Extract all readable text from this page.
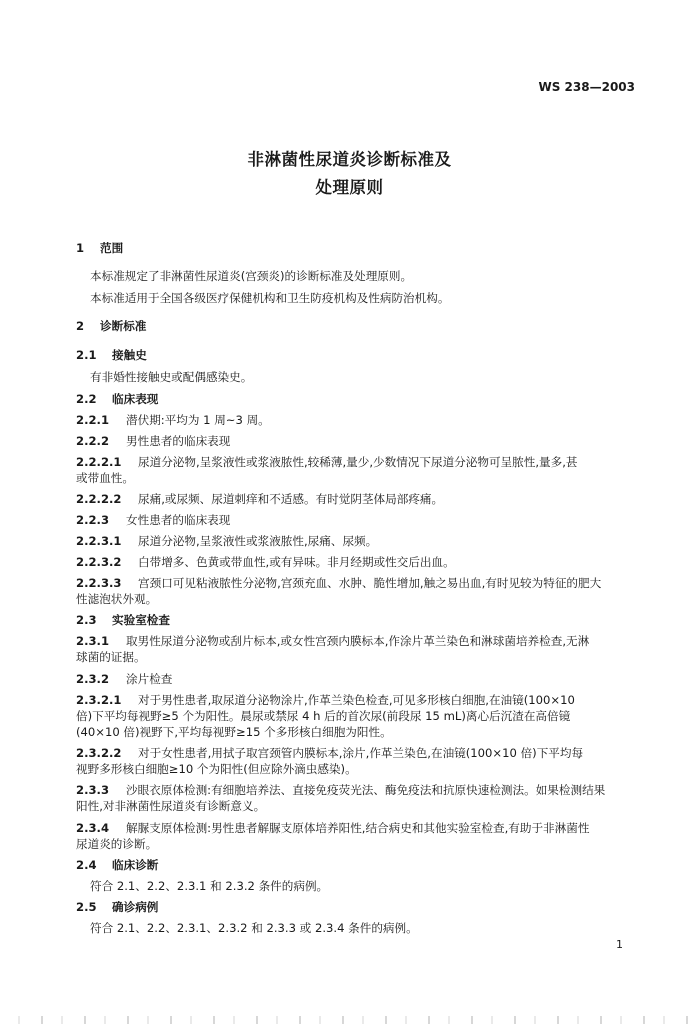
WS 238—2003
非淋菌性尿道炎诊断标准及
处理原则
1 范围
本标准规定了非淋菌性尿道炎(宫颈炎)的诊断标准及处理原则。
本标准适用于全国各级医疗保健机构和卫生防疫机构及性病防治机构。
2 诊断标准
2.1 接触史
有非婚性接触史或配偶感染史。
2.2 临床表现
2.2.1 潜伏期:平均为 1 周~3 周。
2.2.2 男性患者的临床表现
2.2.2.1 尿道分泌物,呈浆液性或浆液脓性,较稀薄,量少,少数情况下尿道分泌物可呈脓性,量多,甚
或带血性。
2.2.2.2 尿痛,或尿频、尿道刺痒和不适感。有时觉阴茎体局部疼痛。
2.2.3 女性患者的临床表现
2.2.3.1 尿道分泌物,呈浆液性或浆液脓性,尿痛、尿频。
2.2.3.2 白带增多、色黄或带血性,或有异味。非月经期或性交后出血。
2.2.3.3 宫颈口可见粘液脓性分泌物,宫颈充血、水肿、脆性增加,触之易出血,有时见较为特征的肥大
性滤泡状外观。
2.3 实验室检查
2.3.1 取男性尿道分泌物或刮片标本,或女性宫颈内膜标本,作涂片革兰染色和淋球菌培养检查,无淋
球菌的证据。
2.3.2 涂片检查
2.3.2.1 对于男性患者,取尿道分泌物涂片,作革兰染色检查,可见多形核白细胞,在油镜(100×10
倍)下平均每视野≥5 个为阳性。晨尿或禁尿 4 h 后的首次尿(前段尿 15 mL)离心后沉渣在高倍镜
(40×10 倍)视野下,平均每视野≥15 个多形核白细胞为阳性。
2.3.2.2 对于女性患者,用拭子取宫颈管内膜标本,涂片,作革兰染色,在油镜(100×10 倍)下平均每
视野多形核白细胞≥10 个为阳性(但应除外滴虫感染)。
2.3.3 沙眼衣原体检测:有细胞培养法、直接免疫荧光法、酶免疫法和抗原快速检测法。如果检测结果
阳性,对非淋菌性尿道炎有诊断意义。
2.3.4 解脲支原体检测:男性患者解脲支原体培养阳性,结合病史和其他实验室检查,有助于非淋菌性
尿道炎的诊断。
2.4 临床诊断
符合 2.1、2.2、2.3.1 和 2.3.2 条件的病例。
2.5 确诊病例
符合 2.1、2.2、2.3.1、2.3.2 和 2.3.3 或 2.3.4 条件的病例。
1
